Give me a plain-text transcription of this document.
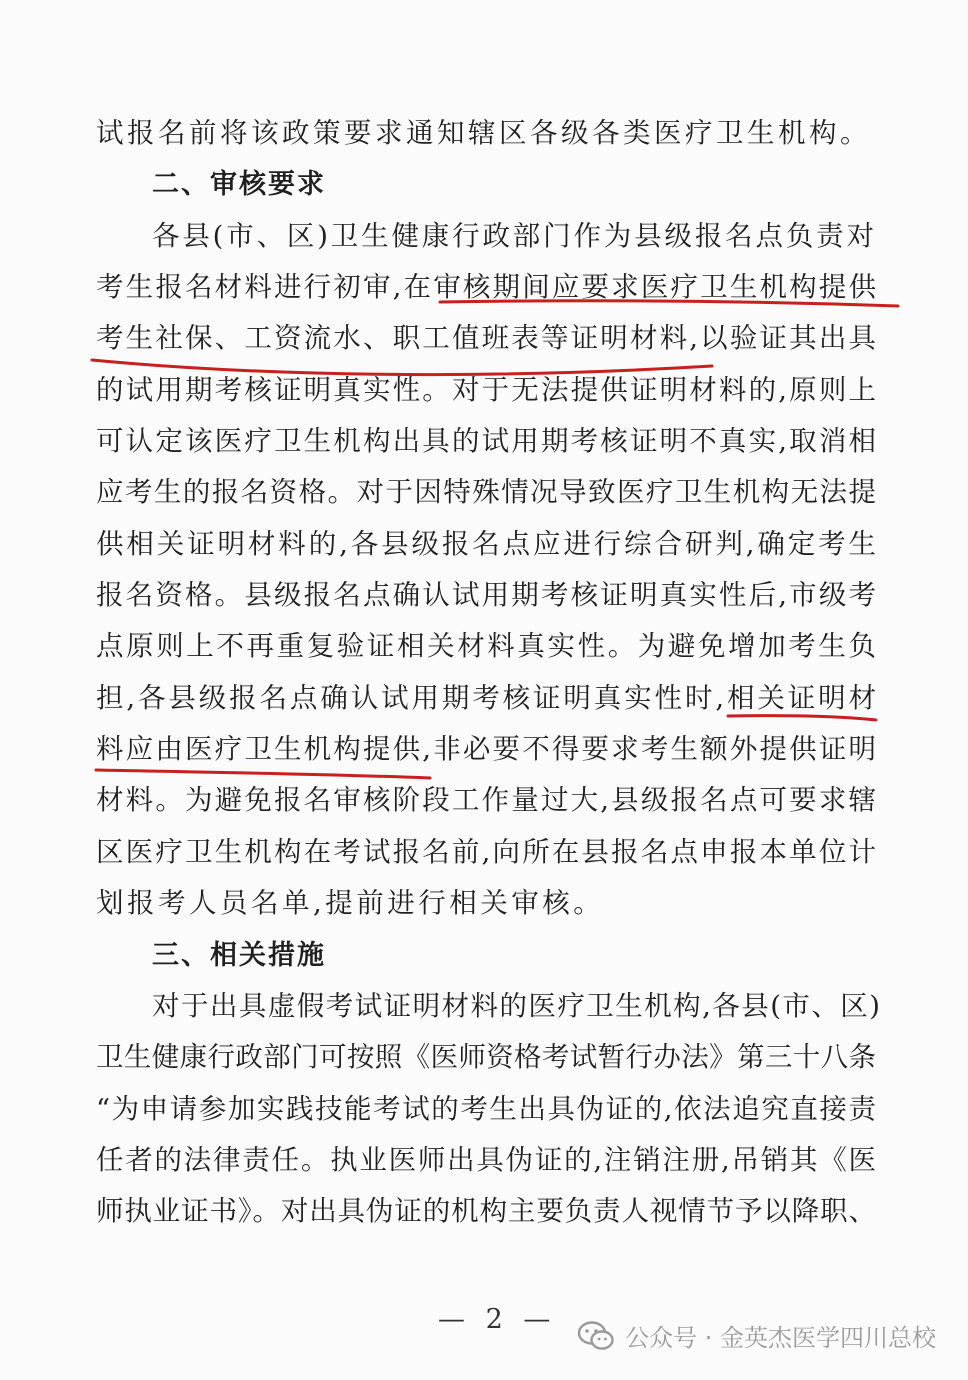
试报名前将该政策要求通知辖区各级各类医疗卫生机构。
二、审核要求
各县(市、区)卫生健康行政部门作为县级报名点负责对
考生报名材料进行初审,在审核期间应要求医疗卫生机构提供
考生社保、工资流水、职工值班表等证明材料,以验证其出具
的试用期考核证明真实性。对于无法提供证明材料的,原则上
可认定该医疗卫生机构出具的试用期考核证明不真实,取消相
应考生的报名资格。对于因特殊情况导致医疗卫生机构无法提
供相关证明材料的,各县级报名点应进行综合研判,确定考生
报名资格。县级报名点确认试用期考核证明真实性后,市级考
点原则上不再重复验证相关材料真实性。为避免增加考生负
担,各县级报名点确认试用期考核证明真实性时,相关证明材
料应由医疗卫生机构提供,非必要不得要求考生额外提供证明
材料。为避免报名审核阶段工作量过大,县级报名点可要求辖
区医疗卫生机构在考试报名前,向所在县报名点申报本单位计
划报考人员名单,提前进行相关审核。
三、相关措施
对于出具虚假考试证明材料的医疗卫生机构,各县(市、区)
卫生健康行政部门可按照《医师资格考试暂行办法》第三十八条
“为申请参加实践技能考试的考生出具伪证的,依法追究直接责
任者的法律责任。执业医师出具伪证的,注销注册,吊销其《医
师执业证书》。对出具伪证的机构主要负责人视情节予以降职、
— 2 —
公众号 · 金英杰医学四川总校
